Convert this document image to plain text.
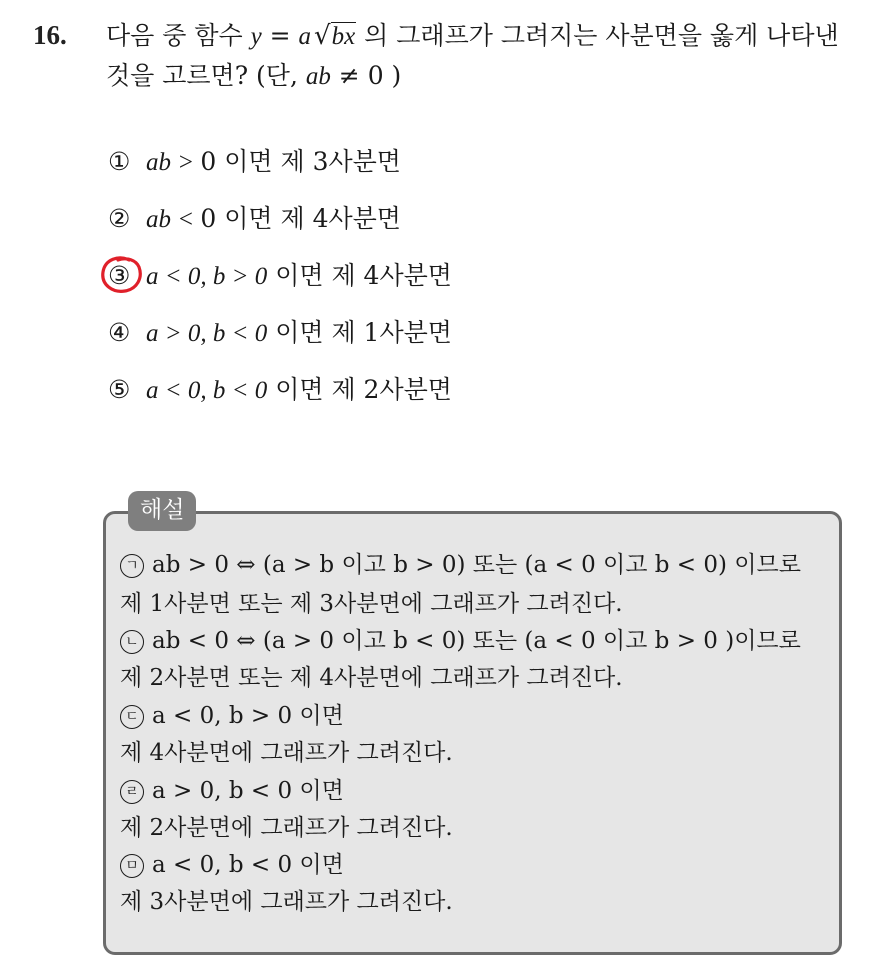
16. 다음 중 함수 y = a √bx 의 그래프가 그려지는 사분면을 옳게 나타낸
것을 고르면? (단, ab ≠ 0 )
① ab > 0 이면 제 3사분면
② ab < 0 이면 제 4사분면
③ a < 0, b > 0 이면 제 4사분면
④ a > 0, b < 0 이면 제 1사분면
⑤ a < 0, b < 0 이면 제 2사분면
해설
ㄱ ab > 0 ⇔ (a > b 이고 b > 0) 또는 (a < 0 이고 b < 0) 이므로
제 1사분면 또는 제 3사분면에 그래프가 그려진다.
ㄴ ab < 0 ⇔ (a > 0 이고 b < 0) 또는 (a < 0 이고 b > 0 )이므로
제 2사분면 또는 제 4사분면에 그래프가 그려진다.
ㄷ a < 0, b > 0 이면
제 4사분면에 그래프가 그려진다.
ㄹ a > 0, b < 0 이면
제 2사분면에 그래프가 그려진다.
ㅁ a < 0, b < 0 이면
제 3사분면에 그래프가 그려진다.
